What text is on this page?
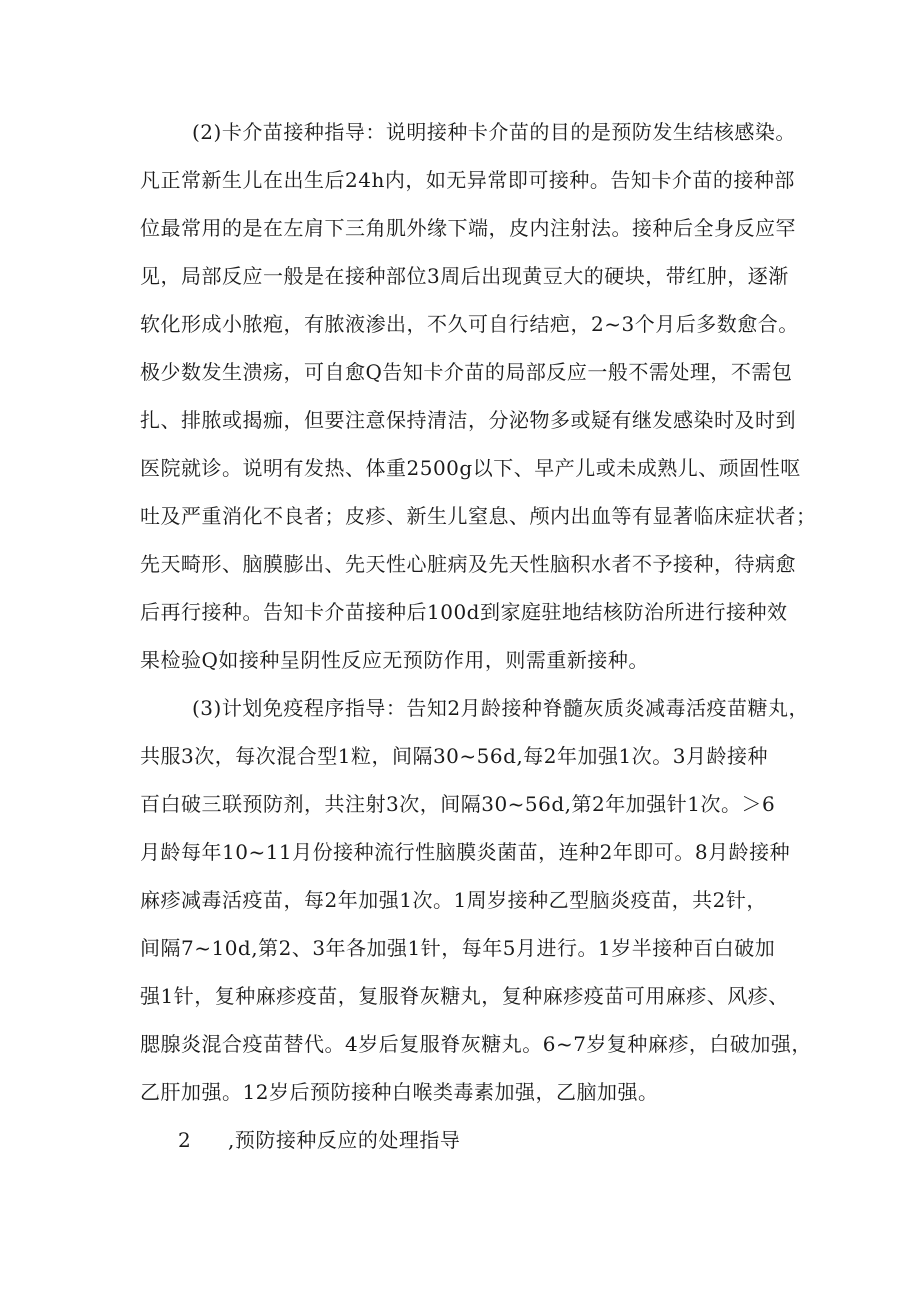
(2)卡介苗接种指导：说明接种卡介苗的目的是预防发生结核感染。
凡正常新生儿在出生后24h内，如无异常即可接种。告知卡介苗的接种部
位最常用的是在左肩下三角肌外缘下端，皮内注射法。接种后全身反应罕
见，局部反应一般是在接种部位3周后出现黄豆大的硬块，带红肿，逐渐
软化形成小脓疱，有脓液渗出，不久可自行结疤，2~3个月后多数愈合。
极少数发生溃疡，可自愈Q告知卡介苗的局部反应一般不需处理，不需包
扎、排脓或揭痂，但要注意保持清洁，分泌物多或疑有继发感染时及时到
医院就诊。说明有发热、体重2500g以下、早产儿或未成熟儿、顽固性呕
吐及严重消化不良者；皮疹、新生儿窒息、颅内出血等有显著临床症状者；
先天畸形、脑膜膨出、先天性心脏病及先天性脑积水者不予接种，待病愈
后再行接种。告知卡介苗接种后100d到家庭驻地结核防治所进行接种效
果检验Q如接种呈阴性反应无预防作用，则需重新接种。
(3)计划免疫程序指导：告知2月龄接种脊髓灰质炎减毒活疫苗糖丸，
共服3次，每次混合型1粒，间隔30~56d,每2年加强1次。3月龄接种
百白破三联预防剂，共注射3次，间隔30~56d,第2年加强针1次。＞6
月龄每年10~11月份接种流行性脑膜炎菌苗，连种2年即可。8月龄接种
麻疹减毒活疫苗，每2年加强1次。1周岁接种乙型脑炎疫苗，共2针，
间隔7~10d,第2、3年各加强1针，每年5月进行。1岁半接种百白破加
强1针，复种麻疹疫苗，复服脊灰糖丸，复种麻疹疫苗可用麻疹、风疹、
腮腺炎混合疫苗替代。4岁后复服脊灰糖丸。6~7岁复种麻疹，白破加强，
乙肝加强。12岁后预防接种白喉类毒素加强，乙脑加强。
2 ,预防接种反应的处理指导
